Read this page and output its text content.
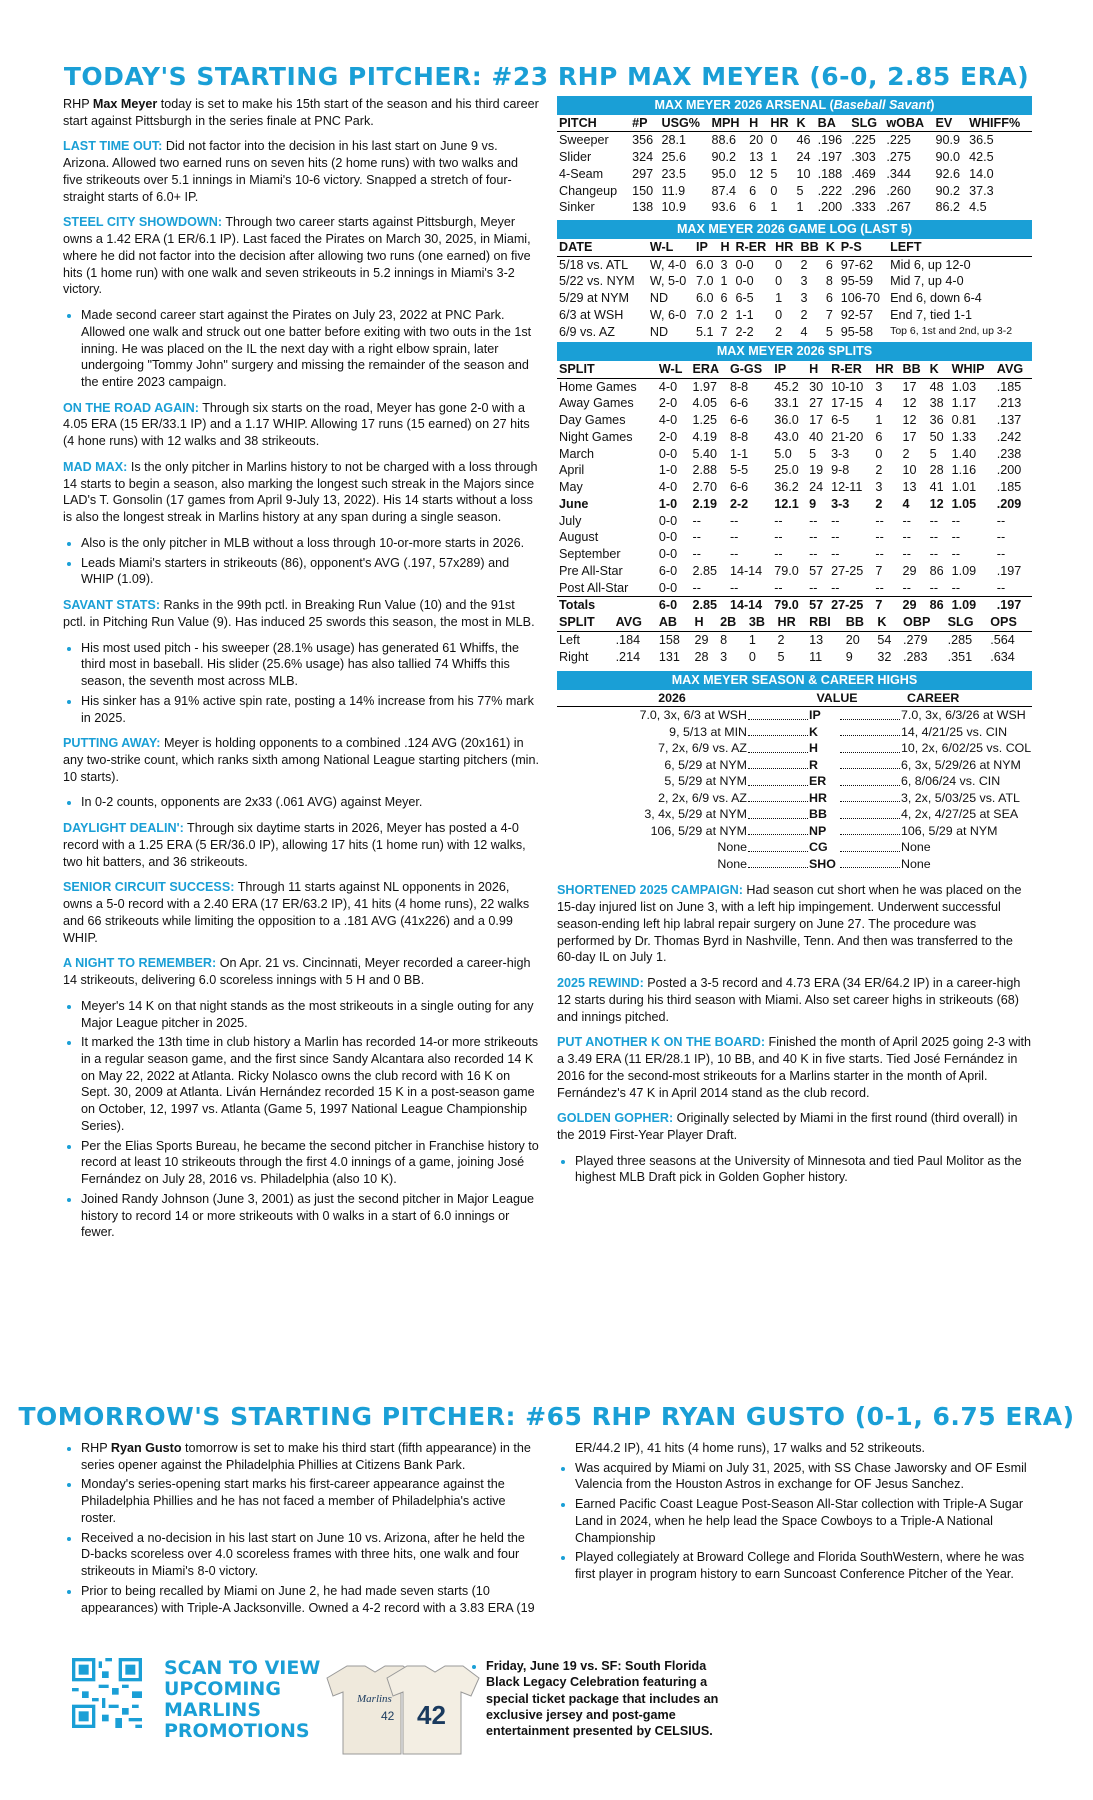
TODAY'S STARTING PITCHER: #23 RHP MAX MEYER (6-0, 2.85 ERA)

RHP Max Meyer today is set to make his 15th start of the season and his third career start against Pittsburgh in the series finale at PNC Park.

LAST TIME OUT: Did not factor into the decision in his last start on June 9 vs. Arizona. Allowed two earned runs on seven hits (2 home runs) with two walks and five strikeouts over 5.1 innings in Miami's 10-6 victory. Snapped a stretch of four-straight starts of 6.0+ IP.

STEEL CITY SHOWDOWN: Through two career starts against Pittsburgh, Meyer owns a 1.42 ERA (1 ER/6.1 IP). Last faced the Pirates on March 30, 2025, in Miami, where he did not factor into the decision after allowing two runs (one earned) on five hits (1 home run) with one walk and seven strikeouts in 5.2 innings in Miami's 3-2 victory.

• Made second career start against the Pirates on July 23, 2022 at PNC Park. Allowed one walk and struck out one batter before exiting with two outs in the 1st inning. He was placed on the IL the next day with a right elbow sprain, later undergoing "Tommy John" surgery and missing the remainder of the season and the entire 2023 campaign.

ON THE ROAD AGAIN: Through six starts on the road, Meyer has gone 2-0 with a 4.05 ERA (15 ER/33.1 IP) and a 1.17 WHIP. Allowing 17 runs (15 earned) on 27 hits (4 hone runs) with 12 walks and 38 strikeouts.

MAD MAX: Is the only pitcher in Marlins history to not be charged with a loss through 14 starts to begin a season, also marking the longest such streak in the Majors since LAD's T. Gonsolin (17 games from April 9-July 13, 2022). His 14 starts without a loss is also the longest streak in Marlins history at any span during a single season.

• Also is the only pitcher in MLB without a loss through 10-or-more starts in 2026.
• Leads Miami's starters in strikeouts (86), opponent's AVG (.197, 57x289) and WHIP (1.09).

SAVANT STATS: Ranks in the 99th pctl. in Breaking Run Value (10) and the 91st pctl. in Pitching Run Value (9). Has induced 25 swords this season, the most in MLB.

• His most used pitch - his sweeper (28.1% usage) has generated 61 Whiffs, the third most in baseball. His slider (25.6% usage) has also tallied 74 Whiffs this season, the seventh most across MLB.
• His sinker has a 91% active spin rate, posting a 14% increase from his 77% mark in 2025.

PUTTING AWAY: Meyer is holding opponents to a combined .124 AVG (20x161) in any two-strike count, which ranks sixth among National League starting pitchers (min. 10 starts).

• In 0-2 counts, opponents are 2x33 (.061 AVG) against Meyer.

DAYLIGHT DEALIN': Through six daytime starts in 2026, Meyer has posted a 4-0 record with a 1.25 ERA (5 ER/36.0 IP), allowing 17 hits (1 home run) with 12 walks, two hit batters, and 36 strikeouts.

SENIOR CIRCUIT SUCCESS: Through 11 starts against NL opponents in 2026, owns a 5-0 record with a 2.40 ERA (17 ER/63.2 IP), 41 hits (4 home runs), 22 walks and 66 strikeouts while limiting the opposition to a .181 AVG (41x226) and a 0.99 WHIP.

A NIGHT TO REMEMBER: On Apr. 21 vs. Cincinnati, Meyer recorded a career-high 14 strikeouts, delivering 6.0 scoreless innings with 5 H and 0 BB.

• Meyer's 14 K on that night stands as the most strikeouts in a single outing for any Major League pitcher in 2025.
• It marked the 13th time in club history a Marlin has recorded 14-or more strikeouts in a regular season game, and the first since Sandy Alcantara also recorded 14 K on May 22, 2022 at Atlanta. Ricky Nolasco owns the club record with 16 K on Sept. 30, 2009 at Atlanta. Liván Hernández recorded 15 K in a post-season game on October, 12, 1997 vs. Atlanta (Game 5, 1997 National League Championship Series).
• Per the Elias Sports Bureau, he became the second pitcher in Franchise history to record at least 10 strikeouts through the first 4.0 innings of a game, joining José Fernández on July 28, 2016 vs. Philadelphia (also 10 K).
• Joined Randy Johnson (June 3, 2001) as just the second pitcher in Major League history to record 14 or more strikeouts with 0 walks in a start of 6.0 innings or fewer.
MAX MEYER 2026 ARSENAL (Baseball Savant)
PITCH	#P	USG%	MPH	H	HR	K	BA	SLG	wOBA	EV	WHIFF%
Sweeper	356	28.1	88.6	20	0	46	.196	.225	.225	90.9	36.5
Slider	324	25.6	90.2	13	1	24	.197	.303	.275	90.0	42.5
4-Seam	297	23.5	95.0	12	5	10	.188	.469	.344	92.6	14.0
Changeup	150	11.9	87.4	6	0	5	.222	.296	.260	90.2	37.3
Sinker	138	10.9	93.6	6	1	1	.200	.333	.267	86.2	4.5
MAX MEYER 2026 GAME LOG (LAST 5)
DATE	W-L	IP	H	R-ER	HR	BB	K	P-S	LEFT
5/18 vs. ATL	W, 4-0	6.0	3	0-0	0	2	6	97-62	Mid 6, up 12-0
5/22 vs. NYM	W, 5-0	7.0	1	0-0	0	3	8	95-59	Mid 7, up 4-0
5/29 at NYM	ND	6.0	6	6-5	1	3	6	106-70	End 6, down 6-4
6/3 at WSH	W, 6-0	7.0	2	1-1	0	2	7	92-57	End 7, tied 1-1
6/9 vs. AZ	ND	5.1	7	2-2	2	4	5	95-58	Top 6, 1st and 2nd, up 3-2
MAX MEYER 2026 SPLITS
SPLIT	W-L	ERA	G-GS	IP	H	R-ER	HR	BB	K	WHIP	AVG
Home Games	4-0	1.97	8-8	45.2	30	10-10	3	17	48	1.03	.185
Away Games	2-0	4.05	6-6	33.1	27	17-15	4	12	38	1.17	.213
Day Games	4-0	1.25	6-6	36.0	17	6-5	1	12	36	0.81	.137
Night Games	2-0	4.19	8-8	43.0	40	21-20	6	17	50	1.33	.242
March	0-0	5.40	1-1	5.0	5	3-3	0	2	5	1.40	.238
April	1-0	2.88	5-5	25.0	19	9-8	2	10	28	1.16	.200
May	4-0	2.70	6-6	36.2	24	12-11	3	13	41	1.01	.185
June	1-0	2.19	2-2	12.1	9	3-3	2	4	12	1.05	.209
July	0-0	--	--	--	--	--	--	--	--	--	--
August	0-0	--	--	--	--	--	--	--	--	--	--
September	0-0	--	--	--	--	--	--	--	--	--	--
Pre All-Star	6-0	2.85	14-14	79.0	57	27-25	7	29	86	1.09	.197
Post All-Star	0-0	--	--	--	--	--	--	--	--	--	--
Totals	6-0	2.85	14-14	79.0	57	27-25	7	29	86	1.09	.197
SPLIT	AVG	AB	H	2B	3B	HR	RBI	BB	K	OBP	SLG	OPS
Left	.184	158	29	8	1	2	13	20	54	.279	.285	.564
Right	.214	131	28	3	0	5	11	9	32	.283	.351	.634
MAX MEYER SEASON & CAREER HIGHS
2026	VALUE	CAREER
7.0, 3x, 6/3 at WSH	IP	7.0, 3x, 6/3/26 at WSH
9, 5/13 at MIN	K	14, 4/21/25 vs. CIN
7, 2x, 6/9 vs. AZ	H	10, 2x, 6/02/25 vs. COL
6, 5/29 at NYM	R	6, 3x, 5/29/26 at NYM
5, 5/29 at NYM	ER	6, 8/06/24 vs. CIN
2, 2x, 6/9 vs. AZ	HR	3, 2x, 5/03/25 vs. ATL
3, 4x, 5/29 at NYM	BB	4, 2x, 4/27/25 at SEA
106, 5/29 at NYM	NP	106, 5/29 at NYM
None	CG	None
None	SHO	None

SHORTENED 2025 CAMPAIGN: Had season cut short when he was placed on the 15-day injured list on June 3, with a left hip impingement. Underwent successful season-ending left hip labral repair surgery on June 27. The procedure was performed by Dr. Thomas Byrd in Nashville, Tenn. And then was transferred to the 60-day IL on July 1.

2025 REWIND: Posted a 3-5 record and 4.73 ERA (34 ER/64.2 IP) in a career-high 12 starts during his third season with Miami. Also set career highs in strikeouts (68) and innings pitched.

PUT ANOTHER K ON THE BOARD: Finished the month of April 2025 going 2-3 with a 3.49 ERA (11 ER/28.1 IP), 10 BB, and 40 K in five starts. Tied José Fernández in 2016 for the second-most strikeouts for a Marlins starter in the month of April. Fernández's 47 K in April 2014 stand as the club record.

GOLDEN GOPHER: Originally selected by Miami in the first round (third overall) in the 2019 First-Year Player Draft.

• Played three seasons at the University of Minnesota and tied Paul Molitor as the highest MLB Draft pick in Golden Gopher history.
TOMORROW'S STARTING PITCHER: #65 RHP RYAN GUSTO (0-1, 6.75 ERA)
• RHP Ryan Gusto tomorrow is set to make his third start (fifth appearance) in the series opener against the Philadelphia Phillies at Citizens Bank Park.
• Monday's series-opening start marks his first-career appearance against the Philadelphia Phillies and he has not faced a member of Philadelphia's active roster.
• Received a no-decision in his last start on June 10 vs. Arizona, after he held the D-backs scoreless over 4.0 scoreless frames with three hits, one walk and four strikeouts in Miami's 8-0 victory.
• Prior to being recalled by Miami on June 2, he had made seven starts (10 appearances) with Triple-A Jacksonville. Owned a 4-2 record with a 3.83 ERA (19
ER/44.2 IP), 41 hits (4 home runs), 17 walks and 52 strikeouts.
• Was acquired by Miami on July 31, 2025, with SS Chase Jaworsky and OF Esmil Valencia from the Houston Astros in exchange for OF Jesus Sanchez.
• Earned Pacific Coast League Post-Season All-Star collection with Triple-A Sugar Land in 2024, when he help lead the Space Cowboys to a Triple-A National Championship
• Played collegiately at Broward College and Florida SouthWestern, where he was first player in program history to earn Suncoast Conference Pitcher of the Year.
SCAN TO VIEW
UPCOMING
MARLINS
PROMOTIONS
Marlins
42 42
• Friday, June 19 vs. SF: South Florida Black Legacy Celebration featuring a special ticket package that includes an exclusive jersey and post-game entertainment presented by CELSIUS.
